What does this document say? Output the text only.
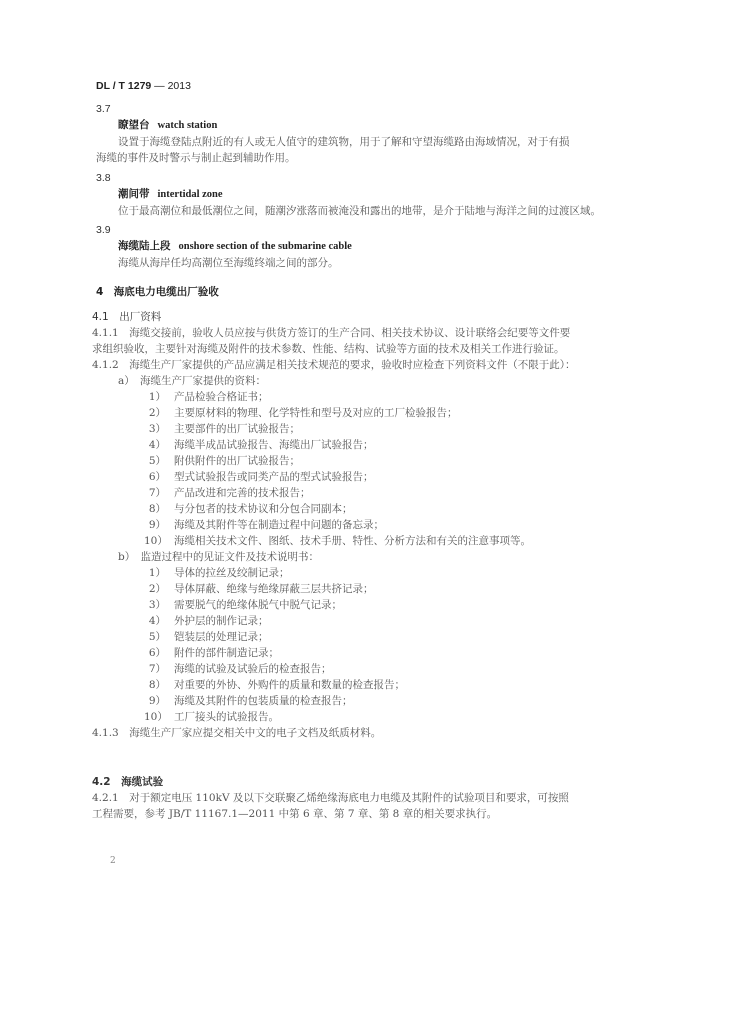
DL / T 1279 — 2013
3.7
瞭望台 watch station
设置于海缆登陆点附近的有人或无人值守的建筑物，用于了解和守望海缆路由海域情况，对于有损
海缆的事件及时警示与制止起到辅助作用。
3.8
潮间带 intertidal zone
位于最高潮位和最低潮位之间，随潮汐涨落而被淹没和露出的地带，是介于陆地与海洋之间的过渡区域。
3.9
海缆陆上段 onshore section of the submarine cable
海缆从海岸任均高潮位至海缆终端之间的部分。
4　海底电力电缆出厂验收
4.1　出厂资料
4.1.1　海缆交接前，验收人员应按与供货方签订的生产合同、相关技术协议、设计联络会纪要等文件要
求组织验收，主要针对海缆及附件的技术参数、性能、结构、试验等方面的技术及相关工作进行验证。
4.1.2　海缆生产厂家提供的产品应满足相关技术规范的要求，验收时应检查下列资料文件（不限于此）：
a）　海缆生产厂家提供的资料：
1） 产品检验合格证书；
2） 主要原材料的物理、化学特性和型号及对应的工厂检验报告；
3） 主要部件的出厂试验报告；
4） 海缆半成品试验报告、海缆出厂试验报告；
5） 附供附件的出厂试验报告；
6） 型式试验报告或同类产品的型式试验报告；
7） 产品改进和完善的技术报告；
8） 与分包者的技术协议和分包合同副本；
9） 海缆及其附件等在制造过程中问题的备忘录；
10） 海缆相关技术文件、图纸、技术手册、特性、分析方法和有关的注意事项等。
b）　监造过程中的见证文件及技术说明书：
1） 导体的拉丝及绞制记录；
2） 导体屏蔽、绝缘与绝缘屏蔽三层共挤记录；
3） 需要脱气的绝缘体脱气中脱气记录；
4） 外护层的制作记录；
5） 铠装层的处理记录；
6） 附件的部件制造记录；
7） 海缆的试验及试验后的检查报告；
8） 对重要的外协、外购件的质量和数量的检查报告；
9） 海缆及其附件的包装质量的检查报告；
10） 工厂接头的试验报告。
4.1.3　海缆生产厂家应提交相关中文的电子文档及纸质材料。
4.2　海缆试验
4.2.1　对于额定电压 110kV 及以下交联聚乙烯绝缘海底电力电缆及其附件的试验项目和要求，可按照
工程需要，参考 JB/T 11167.1—2011 中第 6 章、第 7 章、第 8 章的相关要求执行。
2
